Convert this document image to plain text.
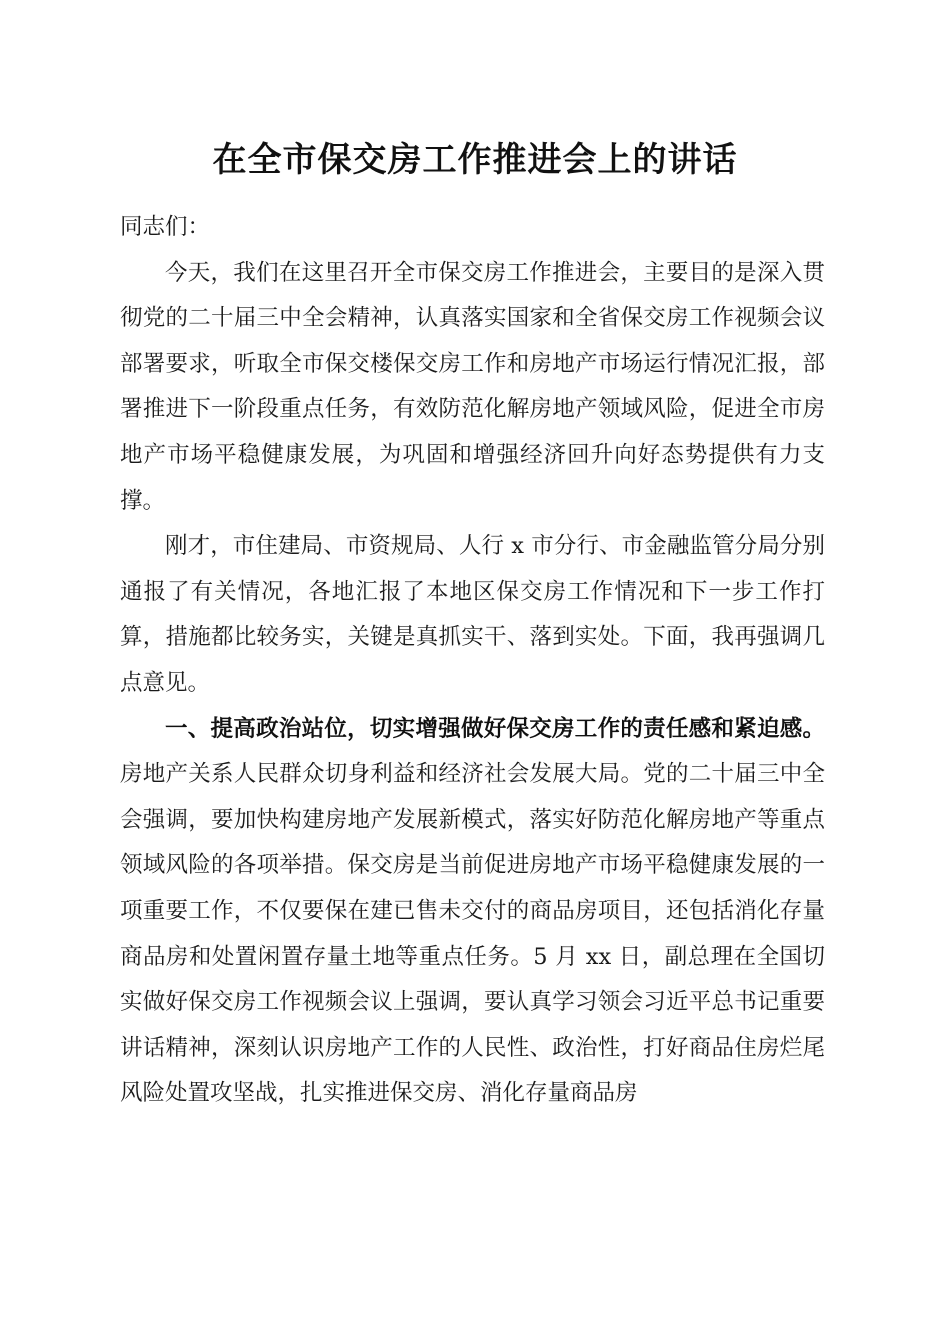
在全市保交房工作推进会上的讲话

同志们：

今天，我们在这里召开全市保交房工作推进会，主要目的是深入贯彻党的二十届三中全会精神，认真落实国家和全省保交房工作视频会议部署要求，听取全市保交楼保交房工作和房地产市场运行情况汇报，部署推进下一阶段重点任务，有效防范化解房地产领域风险，促进全市房地产市场平稳健康发展，为巩固和增强经济回升向好态势提供有力支撑。

刚才，市住建局、市资规局、人行 x 市分行、市金融监管分局分别通报了有关情况，各地汇报了本地区保交房工作情况和下一步工作打算，措施都比较务实，关键是真抓实干、落到实处。下面，我再强调几点意见。

一、提高政治站位，切实增强做好保交房工作的责任感和紧迫感。房地产关系人民群众切身利益和经济社会发展大局。党的二十届三中全会强调，要加快构建房地产发展新模式，落实好防范化解房地产等重点领域风险的各项举措。保交房是当前促进房地产市场平稳健康发展的一项重要工作，不仅要保在建已售未交付的商品房项目，还包括消化存量商品房和处置闲置存量土地等重点任务。5 月 xx 日，副总理在全国切实做好保交房工作视频会议上强调，要认真学习领会习近平总书记重要讲话精神，深刻认识房地产工作的人民性、政治性，打好商品住房烂尾风险处置攻坚战，扎实推进保交房、消化存量商品房
